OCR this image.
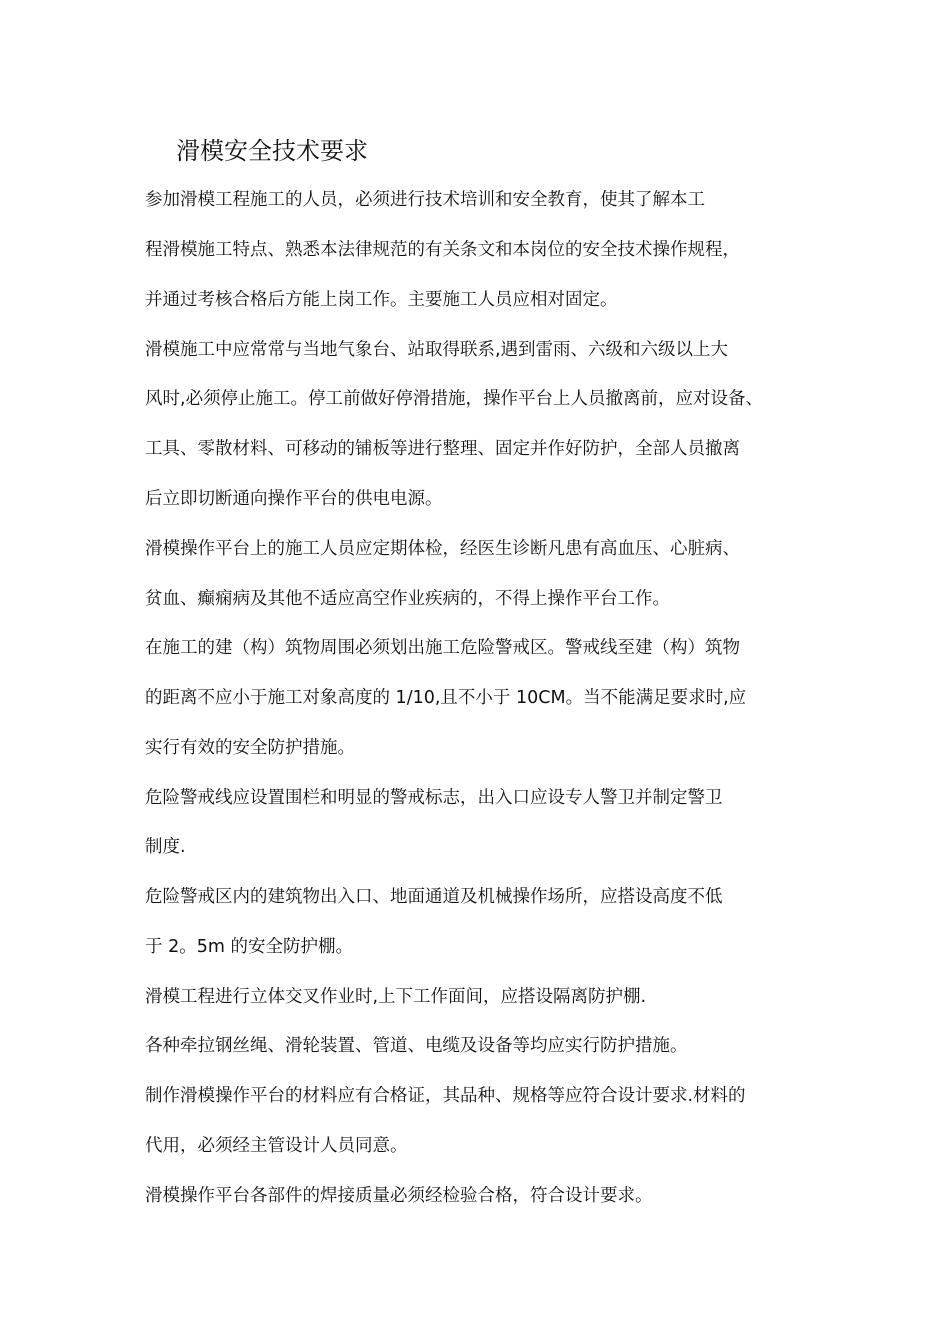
滑模安全技术要求

参加滑模工程施工的人员，必须进行技术培训和安全教育，使其了解本工

程滑模施工特点、熟悉本法律规范的有关条文和本岗位的安全技术操作规程，

并通过考核合格后方能上岗工作。主要施工人员应相对固定。

滑模施工中应常常与当地气象台、站取得联系,遇到雷雨、六级和六级以上大

风时,必须停止施工。停工前做好停滑措施，操作平台上人员撤离前，应对设备、

工具、零散材料、可移动的铺板等进行整理、固定并作好防护，全部人员撤离

后立即切断通向操作平台的供电电源。

滑模操作平台上的施工人员应定期体检，经医生诊断凡患有高血压、心脏病、

贫血、癫痫病及其他不适应高空作业疾病的，不得上操作平台工作。

在施工的建（构）筑物周围必须划出施工危险警戒区。警戒线至建（构）筑物

的距离不应小于施工对象高度的 1/10,且不小于 10CM。当不能满足要求时,应

实行有效的安全防护措施。

危险警戒线应设置围栏和明显的警戒标志，出入口应设专人警卫并制定警卫

制度.

危险警戒区内的建筑物出入口、地面通道及机械操作场所，应搭设高度不低

于 2。5m 的安全防护棚。

滑模工程进行立体交叉作业时,上下工作面间，应搭设隔离防护棚.

各种牵拉钢丝绳、滑轮装置、管道、电缆及设备等均应实行防护措施。

制作滑模操作平台的材料应有合格证，其品种、规格等应符合设计要求.材料的

代用，必须经主管设计人员同意。

滑模操作平台各部件的焊接质量必须经检验合格，符合设计要求。
